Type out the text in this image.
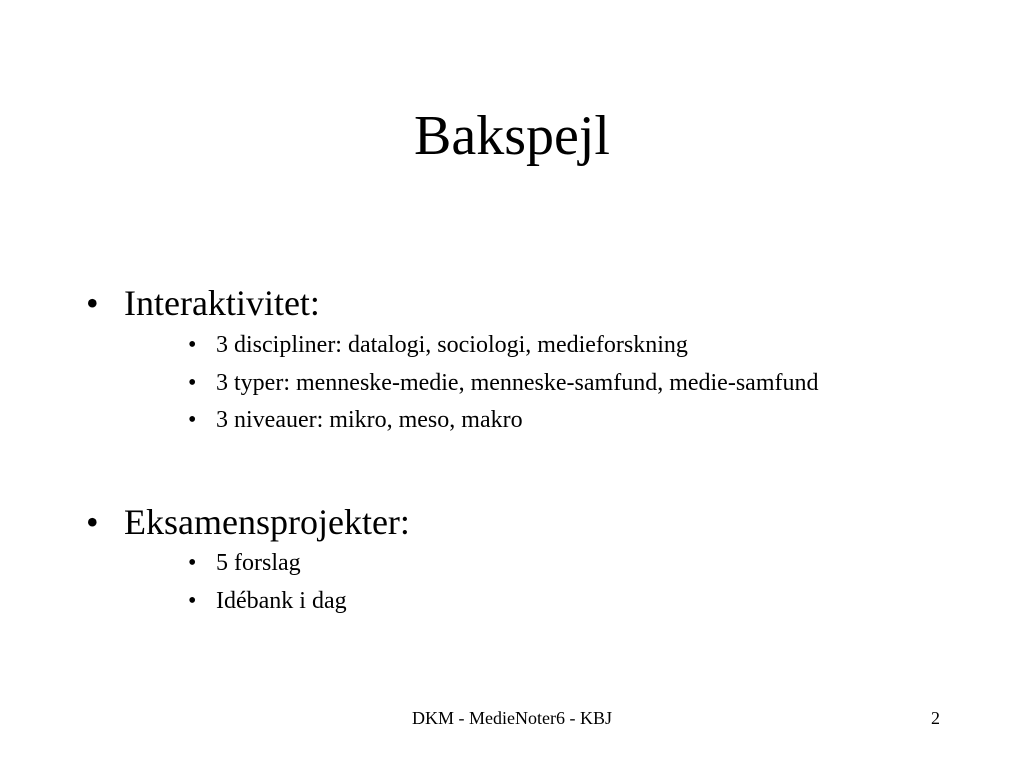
Bakspejl
• Interaktivitet:
• 3 discipliner: datalogi, sociologi, medieforskning
• 3 typer: menneske-medie, menneske-samfund, medie-samfund
• 3 niveauer: mikro, meso, makro
• Eksamensprojekter:
• 5 forslag
• Idébank i dag
DKM - MedieNoter6 - KBJ	2
